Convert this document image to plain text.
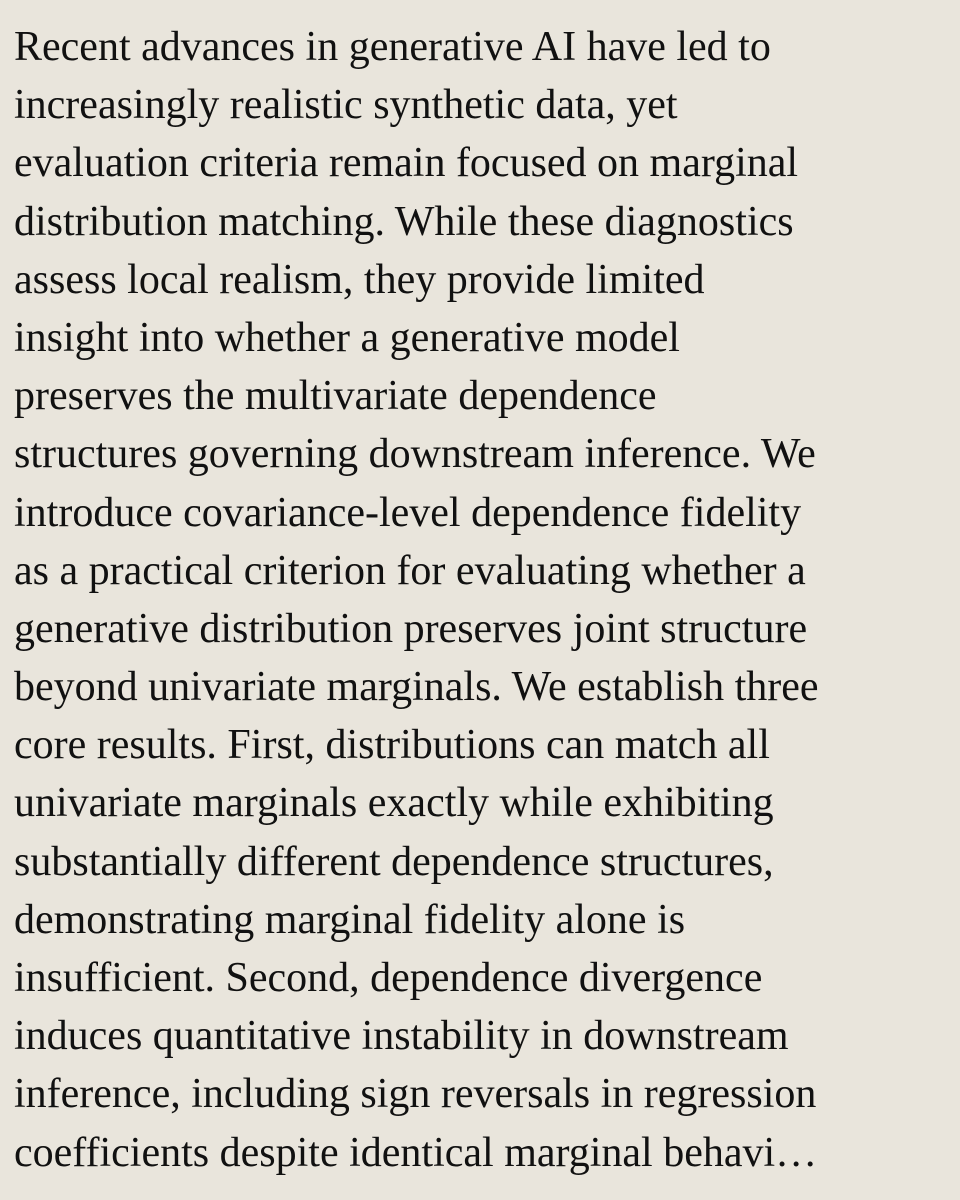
Recent advances in generative AI have led to
increasingly realistic synthetic data, yet
evaluation criteria remain focused on marginal
distribution matching. While these diagnostics
assess local realism, they provide limited
insight into whether a generative model
preserves the multivariate dependence
structures governing downstream inference. We
introduce covariance-level dependence fidelity
as a practical criterion for evaluating whether a
generative distribution preserves joint structure
beyond univariate marginals. We establish three
core results. First, distributions can match all
univariate marginals exactly while exhibiting
substantially different dependence structures,
demonstrating marginal fidelity alone is
insufficient. Second, dependence divergence
induces quantitative instability in downstream
inference, including sign reversals in regression
coefficients despite identical marginal behavi…
